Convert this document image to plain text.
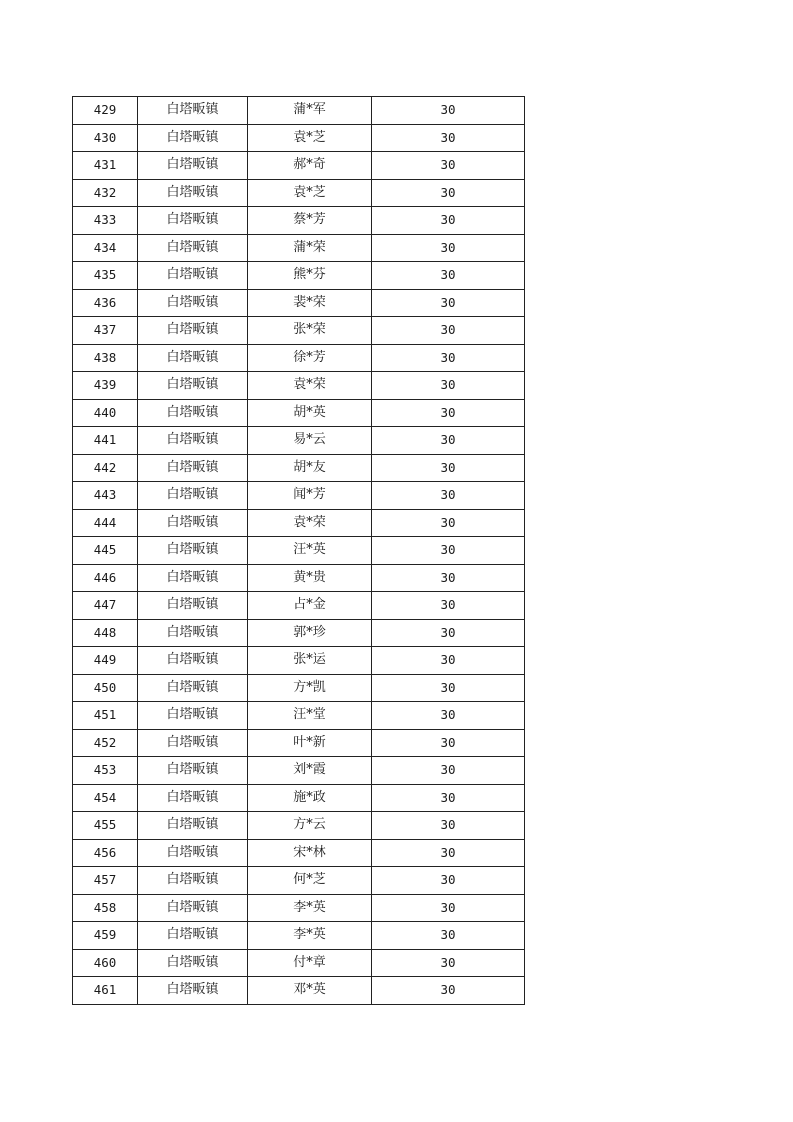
429	白塔畈镇	蒲*军	30
430	白塔畈镇	袁*芝	30
431	白塔畈镇	郝*奇	30
432	白塔畈镇	袁*芝	30
433	白塔畈镇	蔡*芳	30
434	白塔畈镇	蒲*荣	30
435	白塔畈镇	熊*芬	30
436	白塔畈镇	裴*荣	30
437	白塔畈镇	张*荣	30
438	白塔畈镇	徐*芳	30
439	白塔畈镇	袁*荣	30
440	白塔畈镇	胡*英	30
441	白塔畈镇	易*云	30
442	白塔畈镇	胡*友	30
443	白塔畈镇	闻*芳	30
444	白塔畈镇	袁*荣	30
445	白塔畈镇	汪*英	30
446	白塔畈镇	黄*贵	30
447	白塔畈镇	占*金	30
448	白塔畈镇	郭*珍	30
449	白塔畈镇	张*运	30
450	白塔畈镇	方*凯	30
451	白塔畈镇	汪*堂	30
452	白塔畈镇	叶*新	30
453	白塔畈镇	刘*霞	30
454	白塔畈镇	施*政	30
455	白塔畈镇	方*云	30
456	白塔畈镇	宋*林	30
457	白塔畈镇	何*芝	30
458	白塔畈镇	李*英	30
459	白塔畈镇	李*英	30
460	白塔畈镇	付*章	30
461	白塔畈镇	邓*英	30
